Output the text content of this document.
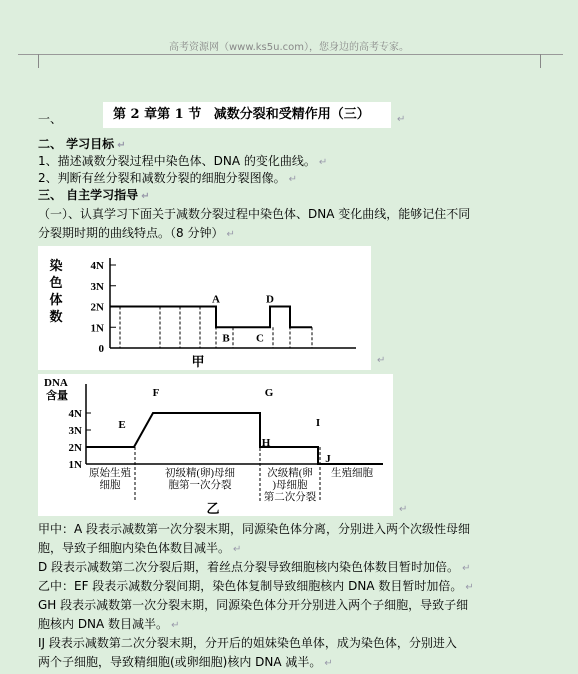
高考资源网（www.ks5u.com），您身边的高考专家。
一、	第 2 章第 1 节 减数分裂和受精作用（三）	↵
二、 学习目标 ↵
1、描述减数分裂过程中染色体、DNA 的变化曲线。 ↵
2、判断有丝分裂和减数分裂的细胞分裂图像。 ↵
三、 自主学习指导 ↵
（一）、认真学习下面关于减数分裂过程中染色体、DNA 变化曲线，能够记住不同
分裂期时期的曲线特点。（8 分钟） ↵
染
色
体
数
4N
3N
2N
1N
0
A
B C
D
甲	↵
DNA
含量
4N
3N
2N
1N
E
F	G
H
I
J
原始生殖
细胞
初级精(卵)母细
胞第一次分裂
次级精(卵
)母细胞
第二次分裂
生殖细胞
乙	↵
甲中：A 段表示减数第一次分裂末期，同源染色体分离，分别进入两个次级性母细
胞，导致子细胞内染色体数目减半。 ↵
D 段表示减数第二次分裂后期，着丝点分裂导致细胞核内染色体数目暂时加倍。 ↵
乙中：EF 段表示减数分裂间期，染色体复制导致细胞核内 DNA 数目暂时加倍。 ↵
GH 段表示减数第一次分裂末期，同源染色体分开分别进入两个子细胞，导致子细
胞核内 DNA 数目减半。 ↵
IJ 段表示减数第二次分裂末期，分开后的姐妹染色单体，成为染色体，分别进入
两个子细胞，导致精细胞(或卵细胞)核内 DNA 减半。 ↵
